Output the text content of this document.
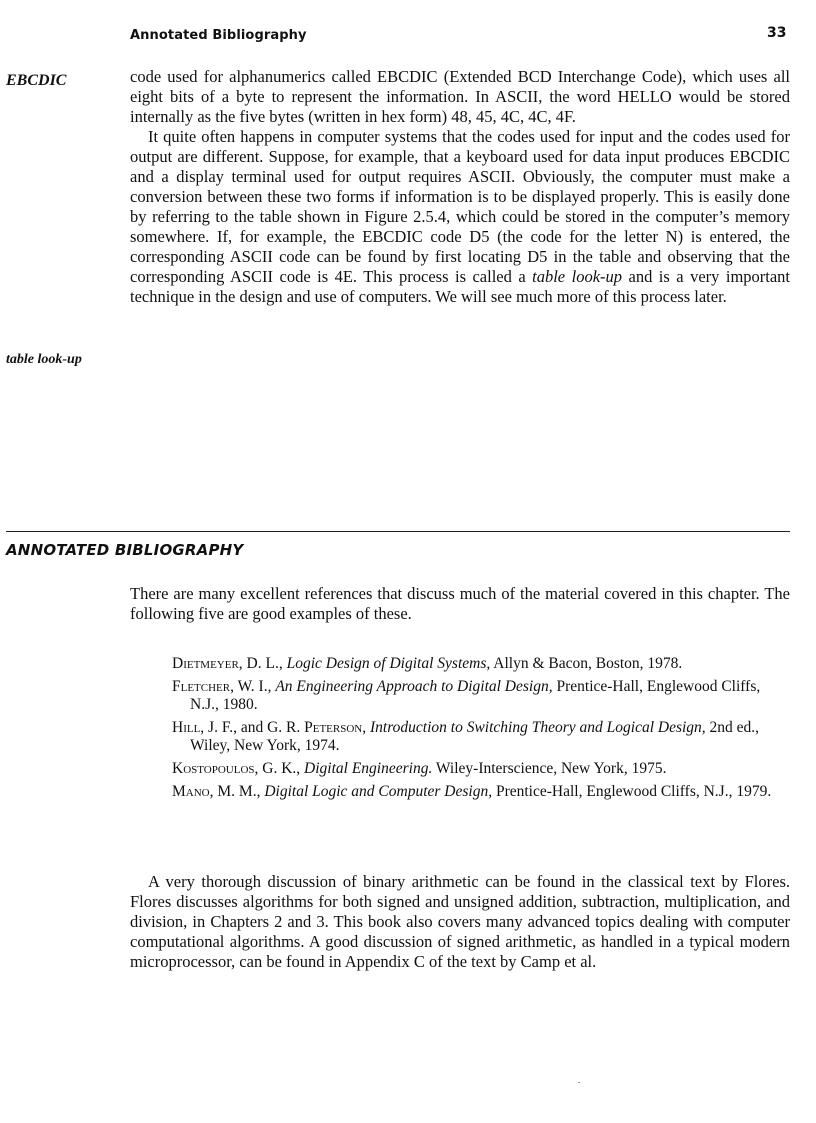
Annotated Bibliography	33
EBCDIC
table look-up

code used for alphanumerics called EBCDIC (Extended BCD Interchange Code), which uses all eight bits of a byte to represent the information. In ASCII, the word HELLO would be stored internally as the five bytes (written in hex form) 48, 45, 4C, 4C, 4F.

It quite often happens in computer systems that the codes used for input and the codes used for output are different. Suppose, for example, that a keyboard used for data input produces EBCDIC and a display terminal used for output requires ASCII. Obviously, the computer must make a conversion between these two forms if information is to be displayed properly. This is easily done by referring to the table shown in Figure 2.5.4, which could be stored in the computer’s memory somewhere. If, for example, the EBCDIC code D5 (the code for the letter N) is entered, the corresponding ASCII code can be found by first locating D5 in the table and observing that the corresponding ASCII code is 4E. This process is called a table look-up and is a very important technique in the design and use of computers. We will see much more of this process later.

ANNOTATED BIBLIOGRAPHY

There are many excellent references that discuss much of the material covered in this chapter. The following five are good examples of these.

Dietmeyer, D. L., Logic Design of Digital Systems, Allyn & Bacon, Boston, 1978.

Fletcher, W. I., An Engineering Approach to Digital Design, Prentice-Hall, Englewood Cliffs, N.J., 1980.

Hill, J. F., and G. R. Peterson, Introduction to Switching Theory and Logical Design, 2nd ed., Wiley, New York, 1974.

Kostopoulos, G. K., Digital Engineering. Wiley-Interscience, New York, 1975.

Mano, M. M., Digital Logic and Computer Design, Prentice-Hall, Englewood Cliffs, N.J., 1979.

A very thorough discussion of binary arithmetic can be found in the classical text by Flores. Flores discusses algorithms for both signed and unsigned addition, subtraction, multiplication, and division, in Chapters 2 and 3. This book also covers many advanced topics dealing with computer computational algorithms. A good discussion of signed arithmetic, as handled in a typical modern microprocessor, can be found in Appendix C of the text by Camp et al.
